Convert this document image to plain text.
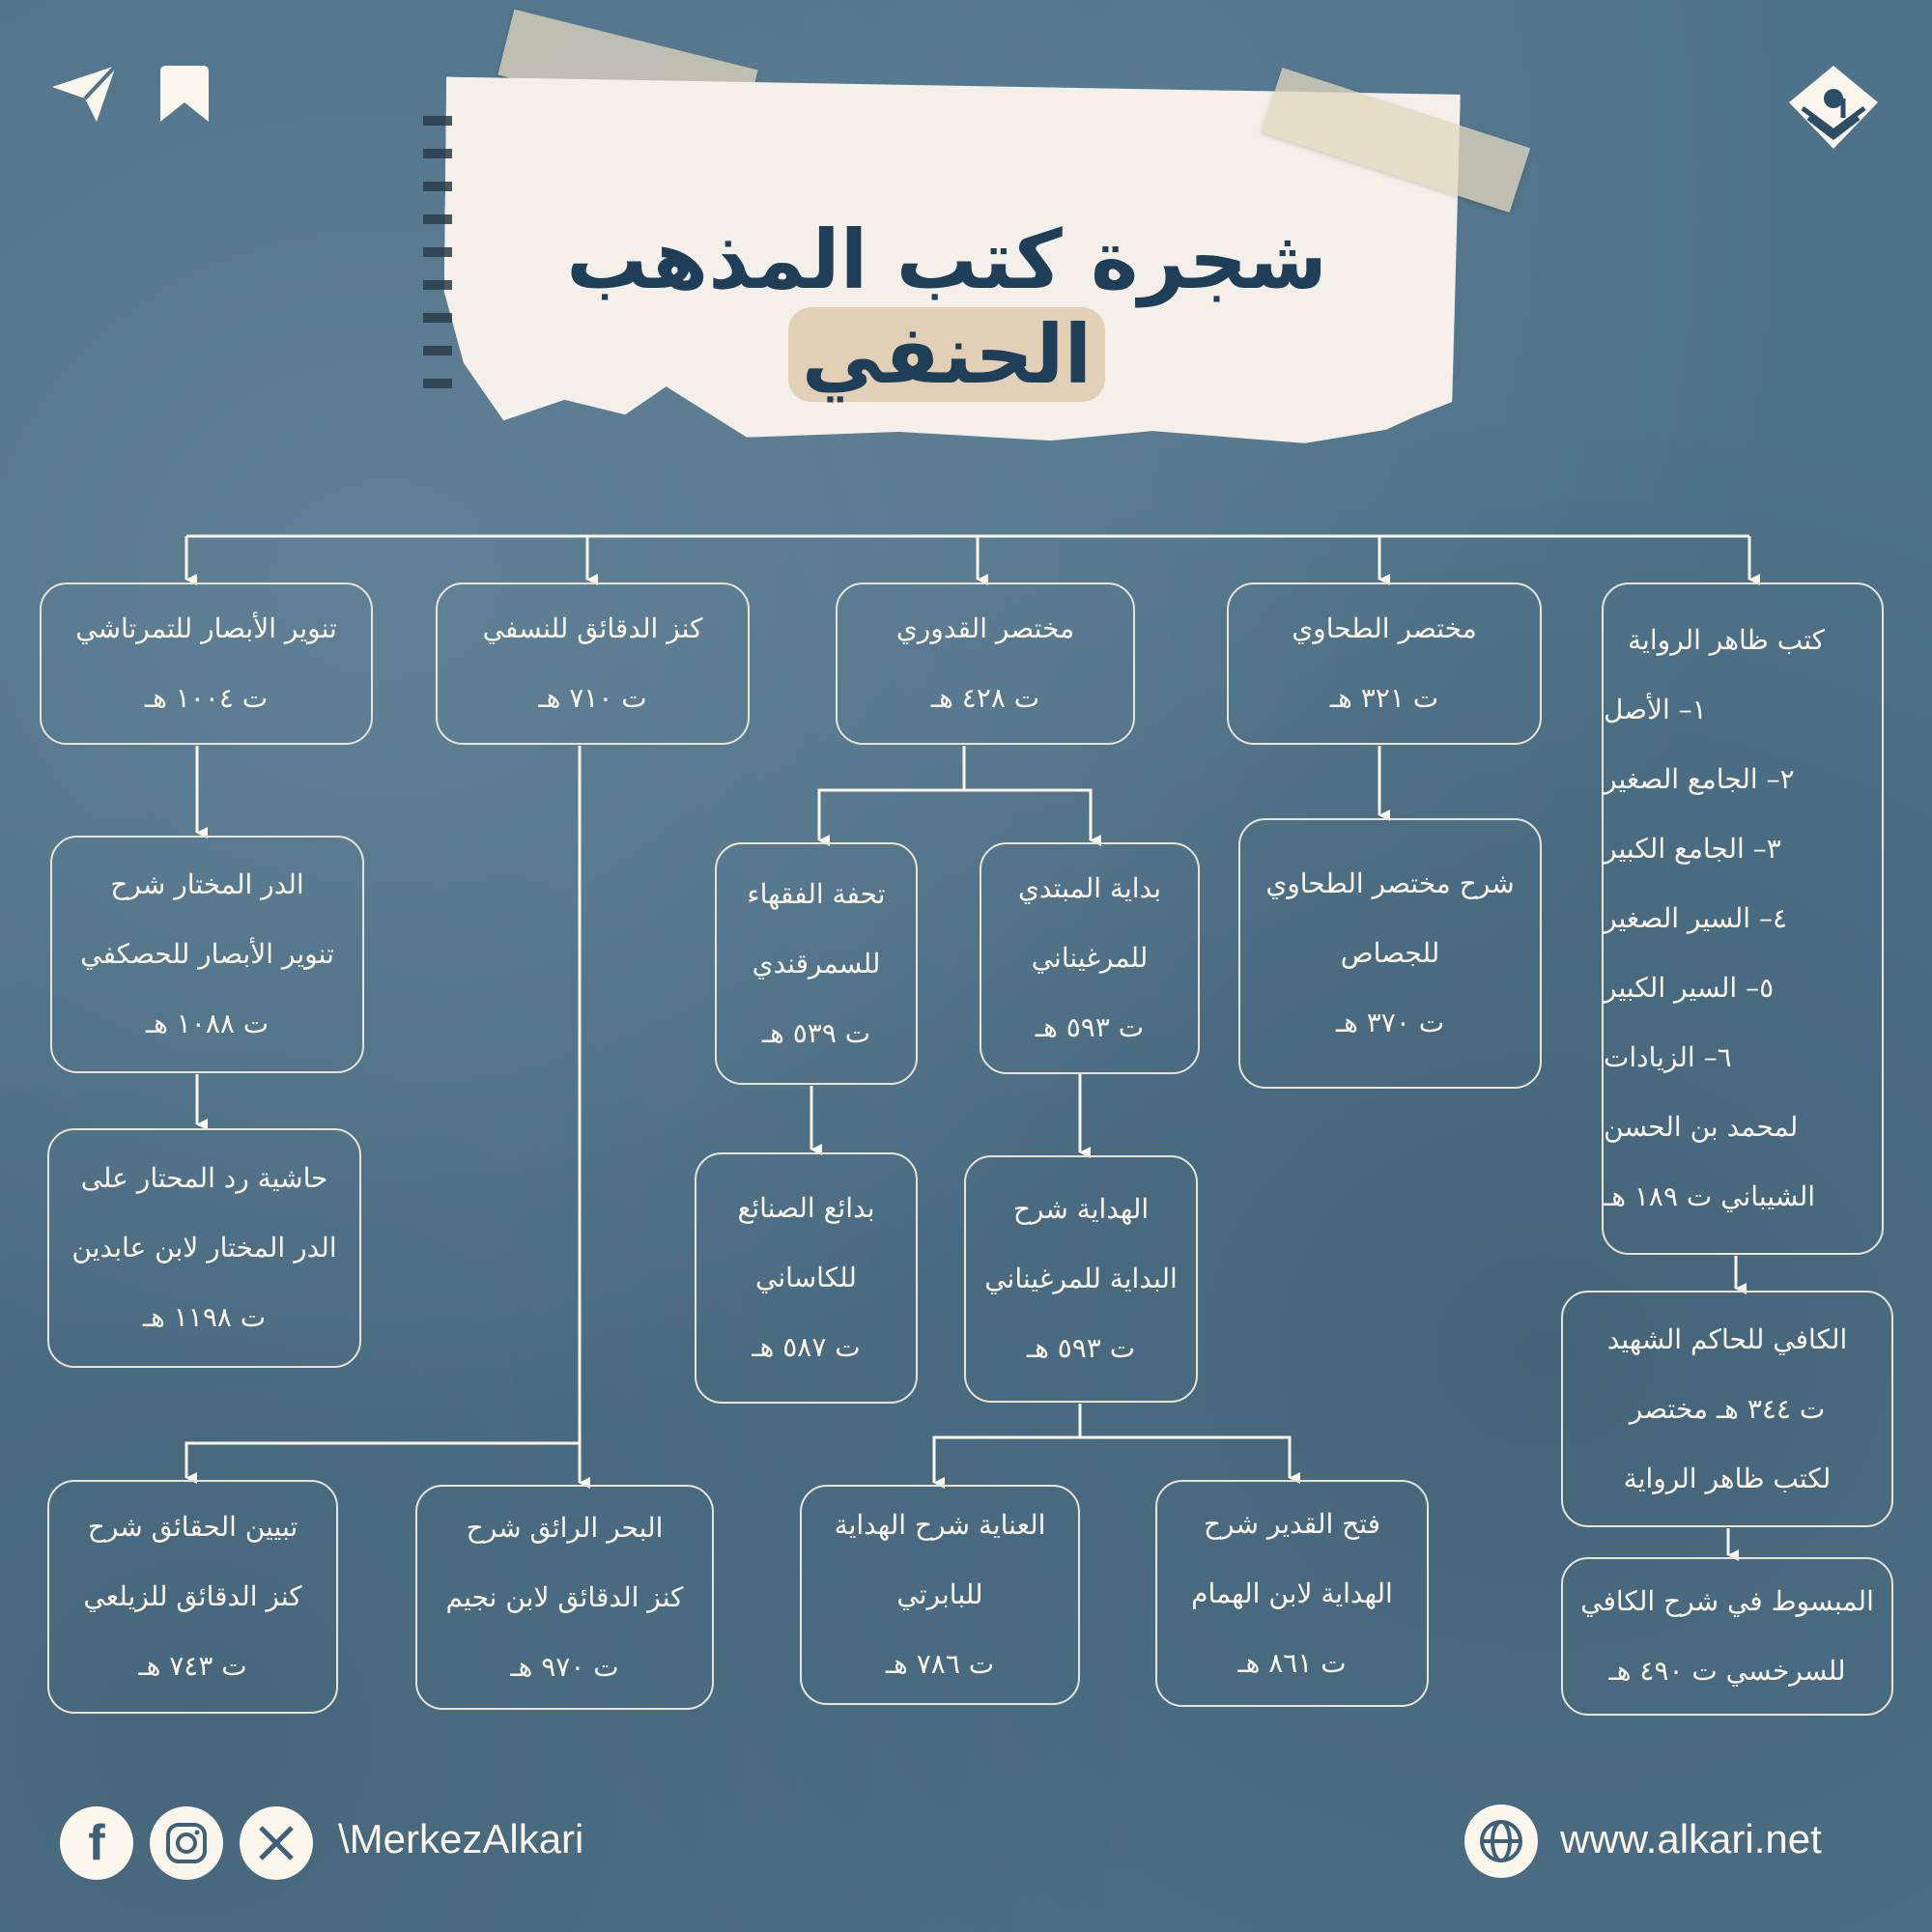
شجرة كتب المذهب الحنفي
كتب ظاهر الرواية
١– الأصل
٢– الجامع الصغير
٣– الجامع الكبير
٤– السير الصغير
٥– السير الكبير
٦– الزيادات
لمحمد بن الحسن
الشيباني ت ١٨٩ هـ
مختصر الطحاوي
ت ٣٢١ هـ
مختصر القدوري
ت ٤٢٨ هـ
كنز الدقائق للنسفي
ت ٧١٠ هـ
تنوير الأبصار للتمرتاشي
ت ١٠٠٤ هـ
شرح مختصر الطحاوي
للجصاص
ت ٣٧٠ هـ
بداية المبتدي
للمرغيناني
ت ٥٩٣ هـ
تحفة الفقهاء
للسمرقندي
ت ٥٣٩ هـ
الدر المختار شرح
تنوير الأبصار للحصكفي
ت ١٠٨٨ هـ
الكافي للحاكم الشهيد
ت ٣٤٤ هـ مختصر
لكتب ظاهر الرواية
الهداية شرح
البداية للمرغيناني
ت ٥٩٣ هـ
بدائع الصنائع
للكاساني
ت ٥٨٧ هـ
حاشية رد المحتار على
الدر المختار لابن عابدين
ت ١١٩٨ هـ
المبسوط في شرح الكافي
للسرخسي ت ٤٩٠ هـ
فتح القدير شرح
الهداية لابن الهمام
ت ٨٦١ هـ
العناية شرح الهداية
للبابرتي
ت ٧٨٦ هـ
البحر الرائق شرح
كنز الدقائق لابن نجيم
ت ٩٧٠ هـ
تبيين الحقائق شرح
كنز الدقائق للزيلعي
ت ٧٤٣ هـ
f	\MerkezAlkari	www.alkari.net
